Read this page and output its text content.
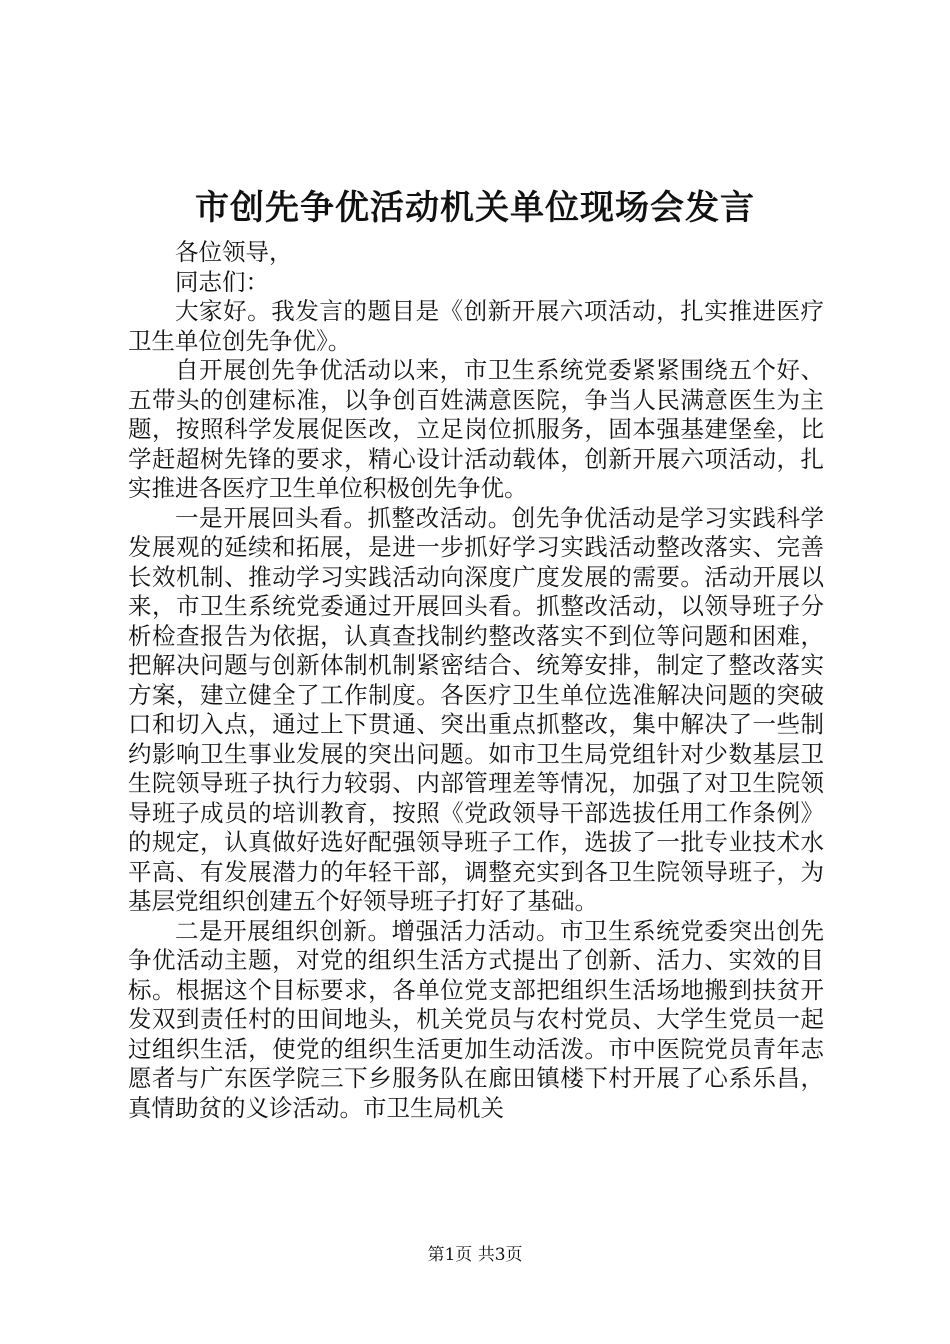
市创先争优活动机关单位现场会发言

各位领导，

同志们：

大家好。我发言的题目是《创新开展六项活动，扎实推进医疗卫生单位创先争优》。

自开展创先争优活动以来，市卫生系统党委紧紧围绕五个好、五带头的创建标准，以争创百姓满意医院，争当人民满意医生为主题，按照科学发展促医改，立足岗位抓服务，固本强基建堡垒，比学赶超树先锋的要求，精心设计活动载体，创新开展六项活动，扎实推进各医疗卫生单位积极创先争优。

一是开展回头看。抓整改活动。创先争优活动是学习实践科学发展观的延续和拓展，是进一步抓好学习实践活动整改落实、完善长效机制、推动学习实践活动向深度广度发展的需要。活动开展以来，市卫生系统党委通过开展回头看。抓整改活动，以领导班子分析检查报告为依据，认真查找制约整改落实不到位等问题和困难，把解决问题与创新体制机制紧密结合、统筹安排，制定了整改落实方案，建立健全了工作制度。各医疗卫生单位选准解决问题的突破口和切入点，通过上下贯通、突出重点抓整改，集中解决了一些制约影响卫生事业发展的突出问题。如市卫生局党组针对少数基层卫生院领导班子执行力较弱、内部管理差等情况，加强了对卫生院领导班子成员的培训教育，按照《党政领导干部选拔任用工作条例》的规定，认真做好选好配强领导班子工作，选拔了一批专业技术水平高、有发展潜力的年轻干部，调整充实到各卫生院领导班子，为基层党组织创建五个好领导班子打好了基础。

二是开展组织创新。增强活力活动。市卫生系统党委突出创先争优活动主题，对党的组织生活方式提出了创新、活力、实效的目标。根据这个目标要求，各单位党支部把组织生活场地搬到扶贫开发双到责任村的田间地头，机关党员与农村党员、大学生党员一起过组织生活，使党的组织生活更加生动活泼。市中医院党员青年志愿者与广东医学院三下乡服务队在廊田镇楼下村开展了心系乐昌，真情助贫的义诊活动。市卫生局机关

第1页 共3页
